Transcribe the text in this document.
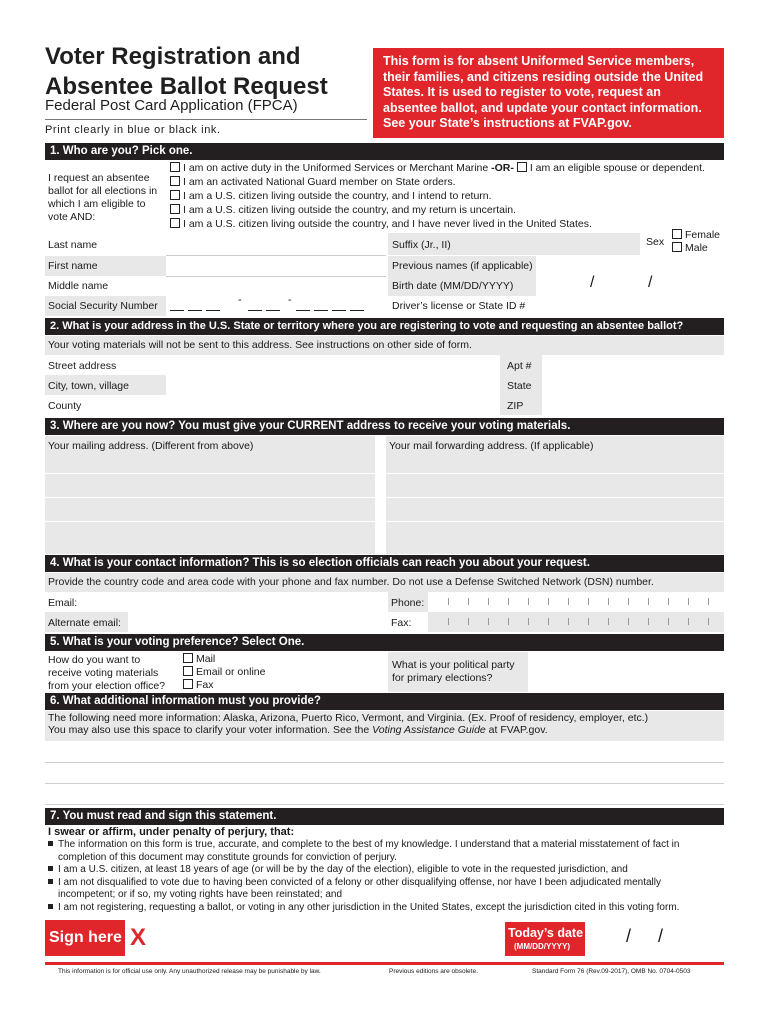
Voter Registration and
Absentee Ballot Request
Federal Post Card Application (FPCA)
Print clearly in blue or black ink.
This form is for absent Uniformed Service members, their families, and citizens residing outside the United States. It is used to register to vote, request an absentee ballot, and update your contact information. See your State’s instructions at FVAP.gov.
1. Who are you? Pick one.
I request an absentee ballot for all elections in which I am eligible to vote AND:
I am on active duty in the Uniformed Services or Merchant Marine -OR- I am an eligible spouse or dependent.
I am an activated National Guard member on State orders.
I am a U.S. citizen living outside the country, and I intend to return.
I am a U.S. citizen living outside the country, and my return is uncertain.
I am a U.S. citizen living outside the country, and I have never lived in the United States.
Last name	Suffix (Jr., II)	Sex
Female
Male
First name	Previous names (if applicable)
Middle name	Birth date (MM/DD/YYYY)	/	/
Social Security Number	-	-	Driver’s license or State ID #
2. What is your address in the U.S. State or territory where you are registering to vote and requesting an absentee ballot?
Your voting materials will not be sent to this address. See instructions on other side of form.
Street address	Apt #
City, town, village	State
County	ZIP
3. Where are you now? You must give your CURRENT address to receive your voting materials.
Your mailing address. (Different from above)	Your mail forwarding address. (If applicable)
4. What is your contact information? This is so election officials can reach you about your request.
Provide the country code and area code with your phone and fax number. Do not use a Defense Switched Network (DSN) number.
Email:	Phone:
Alternate email:	Fax:
5. What is your voting preference? Select One.
How do you want to receive voting materials from your election office?
Mail
Email or online
Fax
What is your political party for primary elections?
6. What additional information must you provide?
The following need more information: Alaska, Arizona, Puerto Rico, Vermont, and Virginia. (Ex. Proof of residency, employer, etc.)
You may also use this space to clarify your voter information. See the Voting Assistance Guide at FVAP.gov.
7. You must read and sign this statement.
I swear or affirm, under penalty of perjury, that:
The information on this form is true, accurate, and complete to the best of my knowledge. I understand that a material misstatement of fact in completion of this document may constitute grounds for conviction of perjury.
I am a U.S. citizen, at least 18 years of age (or will be by the day of the election), eligible to vote in the requested jurisdiction, and
I am not disqualified to vote due to having been convicted of a felony or other disqualifying offense, nor have I been adjudicated mentally incompetent; or if so, my voting rights have been reinstated; and
I am not registering, requesting a ballot, or voting in any other jurisdiction in the United States, except the jurisdiction cited in this voting form.
Sign here X	Today’s date
(MM/DD/YYYY)
/ /
This information is for official use only. Any unauthorized release may be punishable by law.	Previous editions are obsolete.	Standard Form 76 (Rev.09-2017), OMB No. 0704-0503
